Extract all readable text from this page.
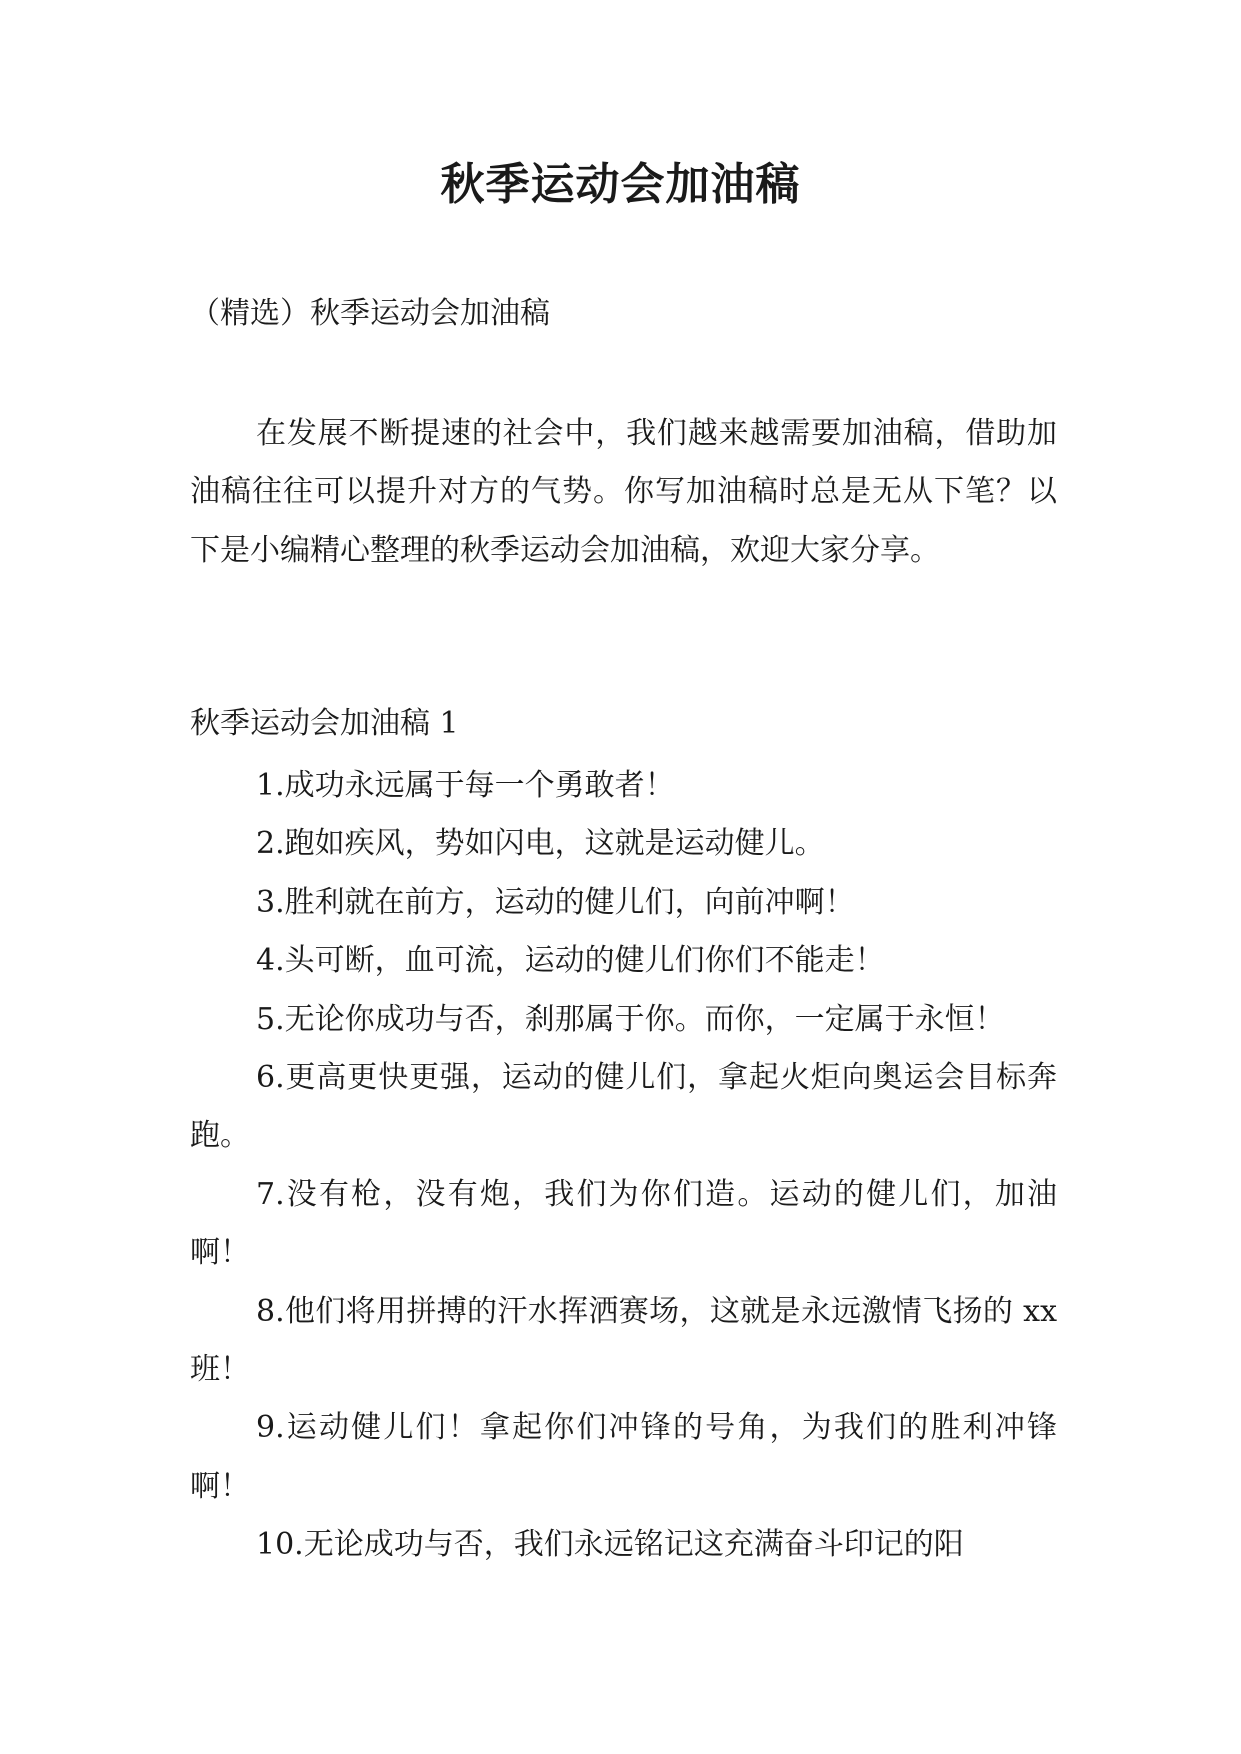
秋季运动会加油稿

（精选）秋季运动会加油稿

在发展不断提速的社会中，我们越来越需要加油稿，借助加油稿往往可以提升对方的气势。你写加油稿时总是无从下笔？以下是小编精心整理的秋季运动会加油稿，欢迎大家分享。

秋季运动会加油稿 1

1.成功永远属于每一个勇敢者！
2.跑如疾风，势如闪电，这就是运动健儿。
3.胜利就在前方，运动的健儿们，向前冲啊！
4.头可断，血可流，运动的健儿们你们不能走！
5.无论你成功与否，刹那属于你。而你，一定属于永恒！
6.更高更快更强，运动的健儿们，拿起火炬向奥运会目标奔跑。
7.没有枪，没有炮，我们为你们造。运动的健儿们，加油啊！
8.他们将用拼搏的汗水挥洒赛场，这就是永远激情飞扬的 xx 班！
9.运动健儿们！拿起你们冲锋的号角，为我们的胜利冲锋啊！
10.无论成功与否，我们永远铭记这充满奋斗印记的阳
